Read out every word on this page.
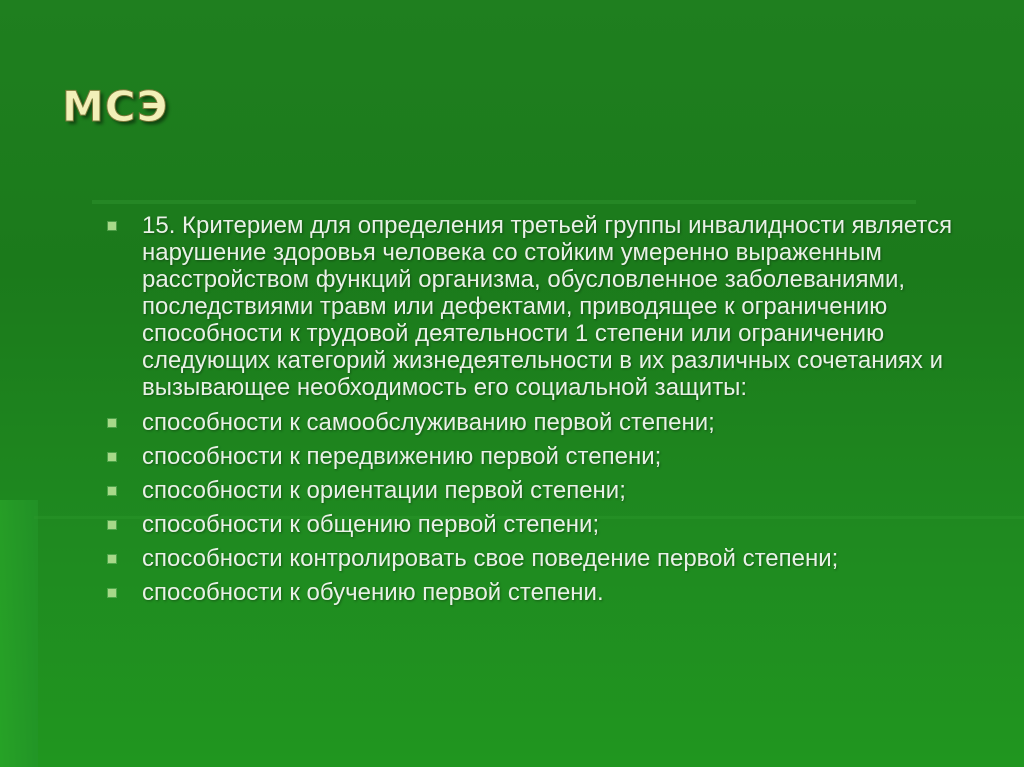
МСЭ
15. Критерием для определения третьей группы инвалидности является нарушение здоровья человека со стойким умеренно выраженным расстройством функций организма, обусловленное заболеваниями, последствиями травм или дефектами, приводящее к ограничению способности к трудовой деятельности 1 степени или ограничению следующих категорий жизнедеятельности в их различных сочетаниях и вызывающее необходимость его социальной защиты:
способности к самообслуживанию первой степени;
способности к передвижению первой степени;
способности к ориентации первой степени;
способности к общению первой степени;
способности контролировать свое поведение первой степени;
способности к обучению первой степени.
